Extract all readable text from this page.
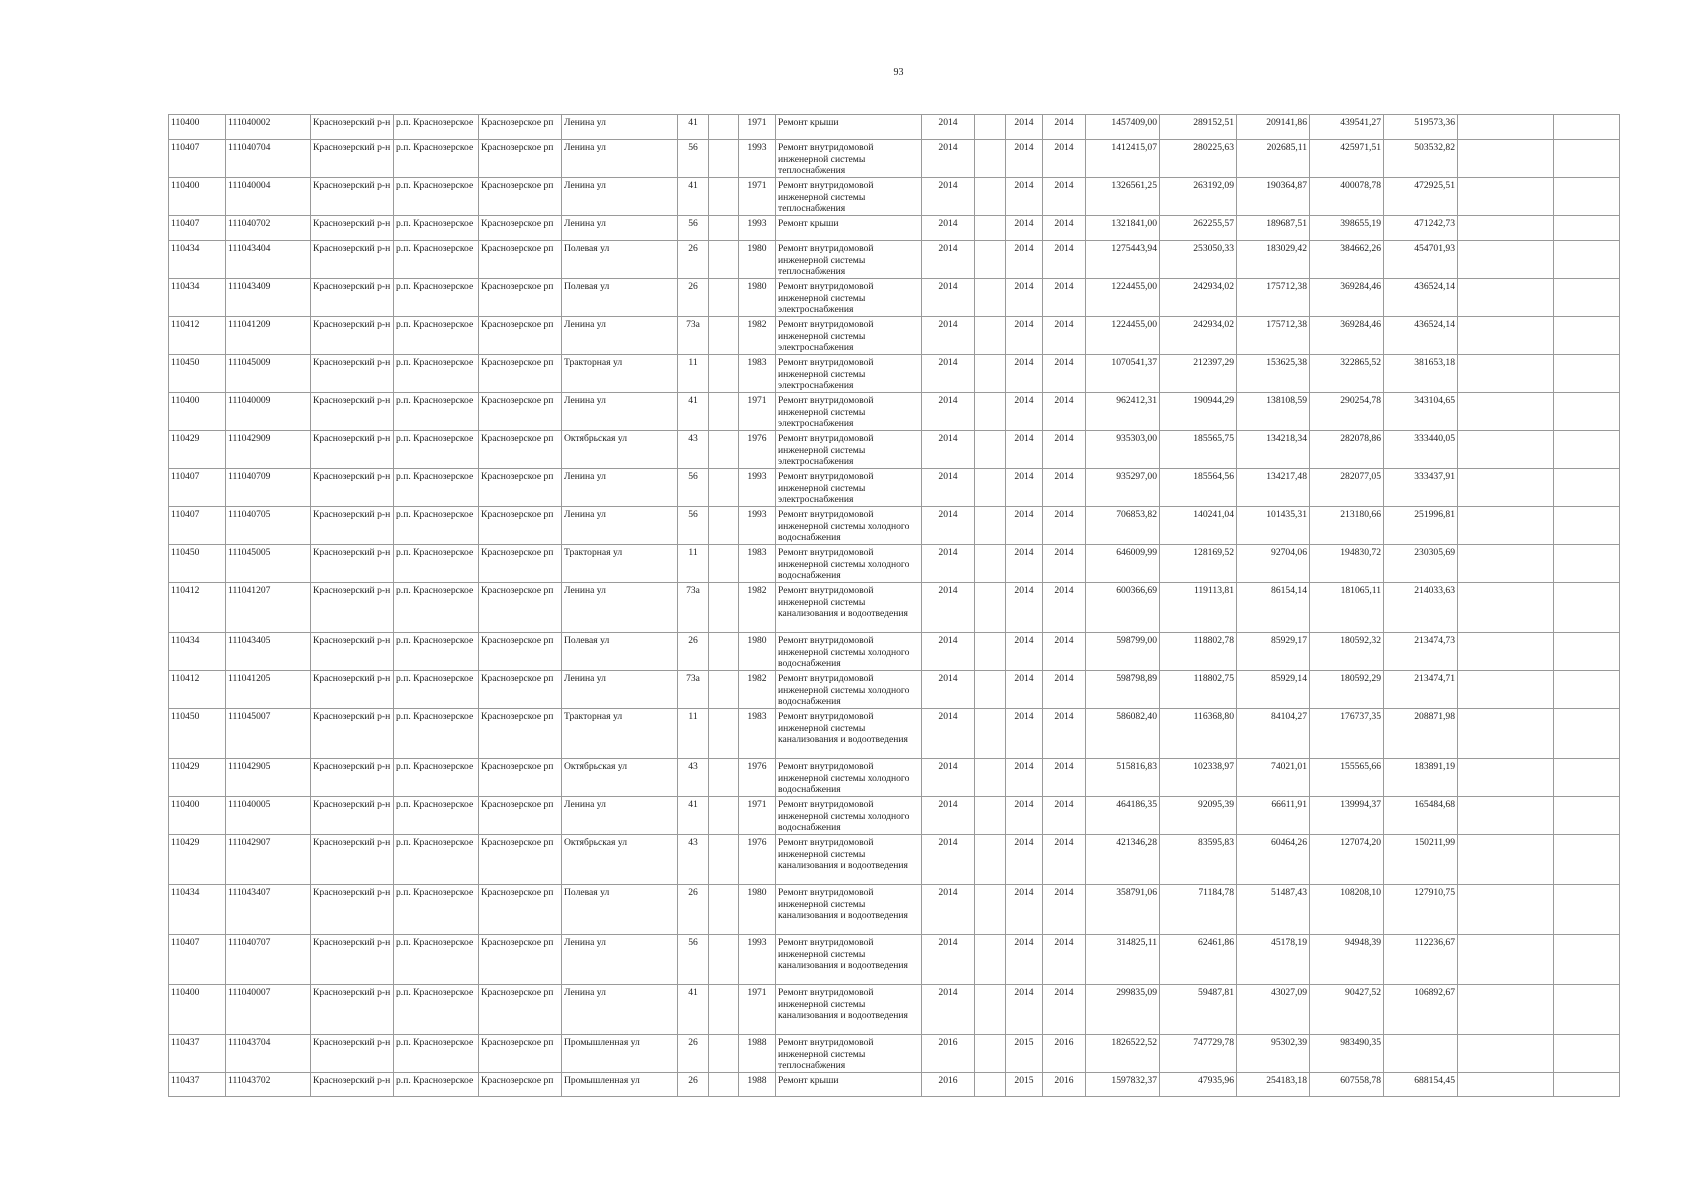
93
110400	111040002	Краснозерский р-н	р.п. Краснозерское	Краснозерское рп	Ленина ул	41		1971	Ремонт крыши	2014		2014	2014	1457409,00	289152,51	209141,86	439541,27	519573,36		
110407	111040704	Краснозерский р-н	р.п. Краснозерское	Краснозерское рп	Ленина ул	56		1993	Ремонт внутридомовой инженерной системы теплоснабжения	2014		2014	2014	1412415,07	280225,63	202685,11	425971,51	503532,82		
110400	111040004	Краснозерский р-н	р.п. Краснозерское	Краснозерское рп	Ленина ул	41		1971	Ремонт внутридомовой инженерной системы теплоснабжения	2014		2014	2014	1326561,25	263192,09	190364,87	400078,78	472925,51		
110407	111040702	Краснозерский р-н	р.п. Краснозерское	Краснозерское рп	Ленина ул	56		1993	Ремонт крыши	2014		2014	2014	1321841,00	262255,57	189687,51	398655,19	471242,73		
110434	111043404	Краснозерский р-н	р.п. Краснозерское	Краснозерское рп	Полевая ул	26		1980	Ремонт внутридомовой инженерной системы теплоснабжения	2014		2014	2014	1275443,94	253050,33	183029,42	384662,26	454701,93		
110434	111043409	Краснозерский р-н	р.п. Краснозерское	Краснозерское рп	Полевая ул	26		1980	Ремонт внутридомовой инженерной системы электроснабжения	2014		2014	2014	1224455,00	242934,02	175712,38	369284,46	436524,14		
110412	111041209	Краснозерский р-н	р.п. Краснозерское	Краснозерское рп	Ленина ул	73а		1982	Ремонт внутридомовой инженерной системы электроснабжения	2014		2014	2014	1224455,00	242934,02	175712,38	369284,46	436524,14		
110450	111045009	Краснозерский р-н	р.п. Краснозерское	Краснозерское рп	Тракторная ул	11		1983	Ремонт внутридомовой инженерной системы электроснабжения	2014		2014	2014	1070541,37	212397,29	153625,38	322865,52	381653,18		
110400	111040009	Краснозерский р-н	р.п. Краснозерское	Краснозерское рп	Ленина ул	41		1971	Ремонт внутридомовой инженерной системы электроснабжения	2014		2014	2014	962412,31	190944,29	138108,59	290254,78	343104,65		
110429	111042909	Краснозерский р-н	р.п. Краснозерское	Краснозерское рп	Октябрьская ул	43		1976	Ремонт внутридомовой инженерной системы электроснабжения	2014		2014	2014	935303,00	185565,75	134218,34	282078,86	333440,05		
110407	111040709	Краснозерский р-н	р.п. Краснозерское	Краснозерское рп	Ленина ул	56		1993	Ремонт внутридомовой инженерной системы электроснабжения	2014		2014	2014	935297,00	185564,56	134217,48	282077,05	333437,91		
110407	111040705	Краснозерский р-н	р.п. Краснозерское	Краснозерское рп	Ленина ул	56		1993	Ремонт внутридомовой инженерной системы холодного водоснабжения	2014		2014	2014	706853,82	140241,04	101435,31	213180,66	251996,81		
110450	111045005	Краснозерский р-н	р.п. Краснозерское	Краснозерское рп	Тракторная ул	11		1983	Ремонт внутридомовой инженерной системы холодного водоснабжения	2014		2014	2014	646009,99	128169,52	92704,06	194830,72	230305,69		
110412	111041207	Краснозерский р-н	р.п. Краснозерское	Краснозерское рп	Ленина ул	73а		1982	Ремонт внутридомовой инженерной системы канализования и водоотведения	2014		2014	2014	600366,69	119113,81	86154,14	181065,11	214033,63		
110434	111043405	Краснозерский р-н	р.п. Краснозерское	Краснозерское рп	Полевая ул	26		1980	Ремонт внутридомовой инженерной системы холодного водоснабжения	2014		2014	2014	598799,00	118802,78	85929,17	180592,32	213474,73		
110412	111041205	Краснозерский р-н	р.п. Краснозерское	Краснозерское рп	Ленина ул	73а		1982	Ремонт внутридомовой инженерной системы холодного водоснабжения	2014		2014	2014	598798,89	118802,75	85929,14	180592,29	213474,71		
110450	111045007	Краснозерский р-н	р.п. Краснозерское	Краснозерское рп	Тракторная ул	11		1983	Ремонт внутридомовой инженерной системы канализования и водоотведения	2014		2014	2014	586082,40	116368,80	84104,27	176737,35	208871,98		
110429	111042905	Краснозерский р-н	р.п. Краснозерское	Краснозерское рп	Октябрьская ул	43		1976	Ремонт внутридомовой инженерной системы холодного водоснабжения	2014		2014	2014	515816,83	102338,97	74021,01	155565,66	183891,19		
110400	111040005	Краснозерский р-н	р.п. Краснозерское	Краснозерское рп	Ленина ул	41		1971	Ремонт внутридомовой инженерной системы холодного водоснабжения	2014		2014	2014	464186,35	92095,39	66611,91	139994,37	165484,68		
110429	111042907	Краснозерский р-н	р.п. Краснозерское	Краснозерское рп	Октябрьская ул	43		1976	Ремонт внутридомовой инженерной системы канализования и водоотведения	2014		2014	2014	421346,28	83595,83	60464,26	127074,20	150211,99		
110434	111043407	Краснозерский р-н	р.п. Краснозерское	Краснозерское рп	Полевая ул	26		1980	Ремонт внутридомовой инженерной системы канализования и водоотведения	2014		2014	2014	358791,06	71184,78	51487,43	108208,10	127910,75		
110407	111040707	Краснозерский р-н	р.п. Краснозерское	Краснозерское рп	Ленина ул	56		1993	Ремонт внутридомовой инженерной системы канализования и водоотведения	2014		2014	2014	314825,11	62461,86	45178,19	94948,39	112236,67		
110400	111040007	Краснозерский р-н	р.п. Краснозерское	Краснозерское рп	Ленина ул	41		1971	Ремонт внутридомовой инженерной системы канализования и водоотведения	2014		2014	2014	299835,09	59487,81	43027,09	90427,52	106892,67		
110437	111043704	Краснозерский р-н	р.п. Краснозерское	Краснозерское рп	Промышленная ул	26		1988	Ремонт внутридомовой инженерной системы теплоснабжения	2016		2015	2016	1826522,52	747729,78	95302,39	983490,35			
110437	111043702	Краснозерский р-н	р.п. Краснозерское	Краснозерское рп	Промышленная ул	26		1988	Ремонт крыши	2016		2015	2016	1597832,37	47935,96	254183,18	607558,78	688154,45		
